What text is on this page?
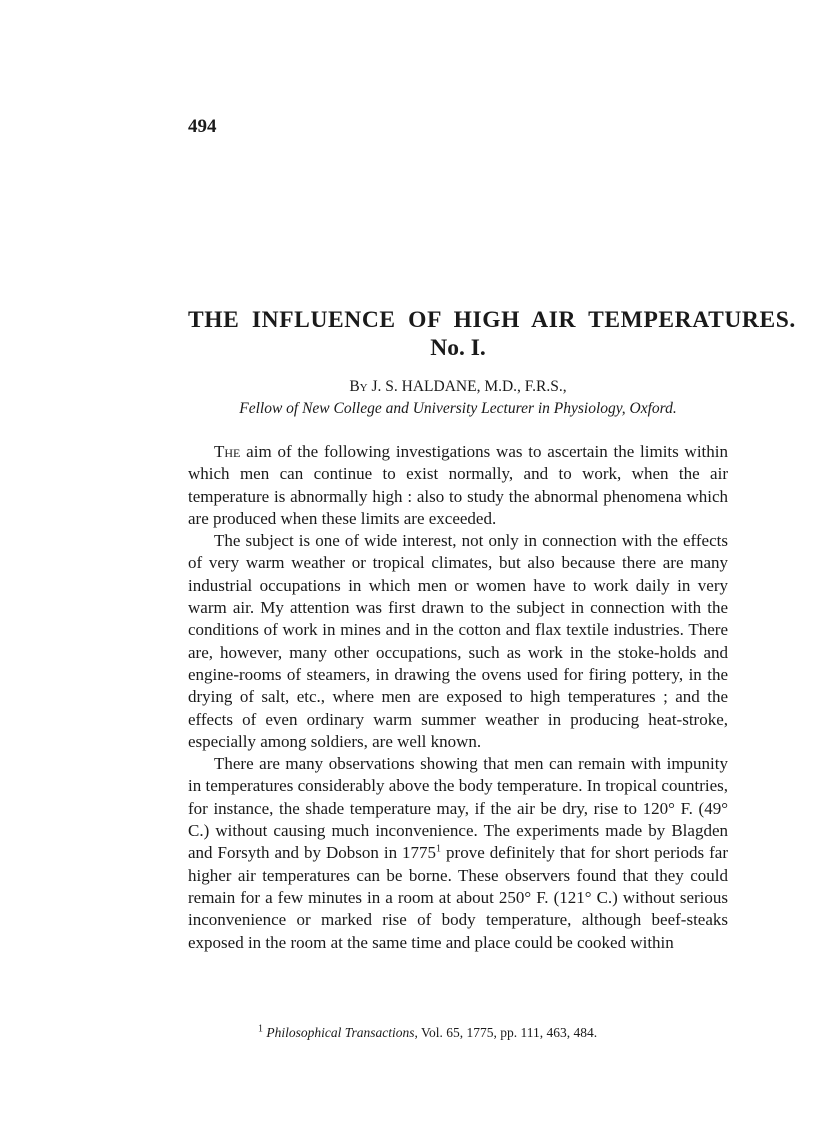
494
THE INFLUENCE OF HIGH AIR TEMPERATURES.
No. I.
By J. S. HALDANE, M.D., F.R.S.,
Fellow of New College and University Lecturer in Physiology, Oxford.

The aim of the following investigations was to ascertain the limits within which men can continue to exist normally, and to work, when the air temperature is abnormally high : also to study the abnormal phenomena which are produced when these limits are exceeded.

The subject is one of wide interest, not only in connection with the effects of very warm weather or tropical climates, but also because there are many industrial occupations in which men or women have to work daily in very warm air. My attention was first drawn to the subject in connection with the conditions of work in mines and in the cotton and flax textile industries. There are, however, many other occupations, such as work in the stoke-holds and engine-rooms of steamers, in drawing the ovens used for firing pottery, in the drying of salt, etc., where men are exposed to high temperatures ; and the effects of even ordinary warm summer weather in producing heat-stroke, especially among soldiers, are well known.

There are many observations showing that men can remain with impunity in temperatures considerably above the body temperature. In tropical countries, for instance, the shade temperature may, if the air be dry, rise to 120° F. (49° C.) without causing much inconvenience. The experiments made by Blagden and Forsyth and by Dobson in 1775$^1$ prove definitely that for short periods far higher air temperatures can be borne. These observers found that they could remain for a few minutes in a room at about 250° F. (121° C.) without serious inconvenience or marked rise of body temperature, although beef-steaks exposed in the room at the same time and place could be cooked within

$^1$ Philosophical Transactions, Vol. 65, 1775, pp. 111, 463, 484.
